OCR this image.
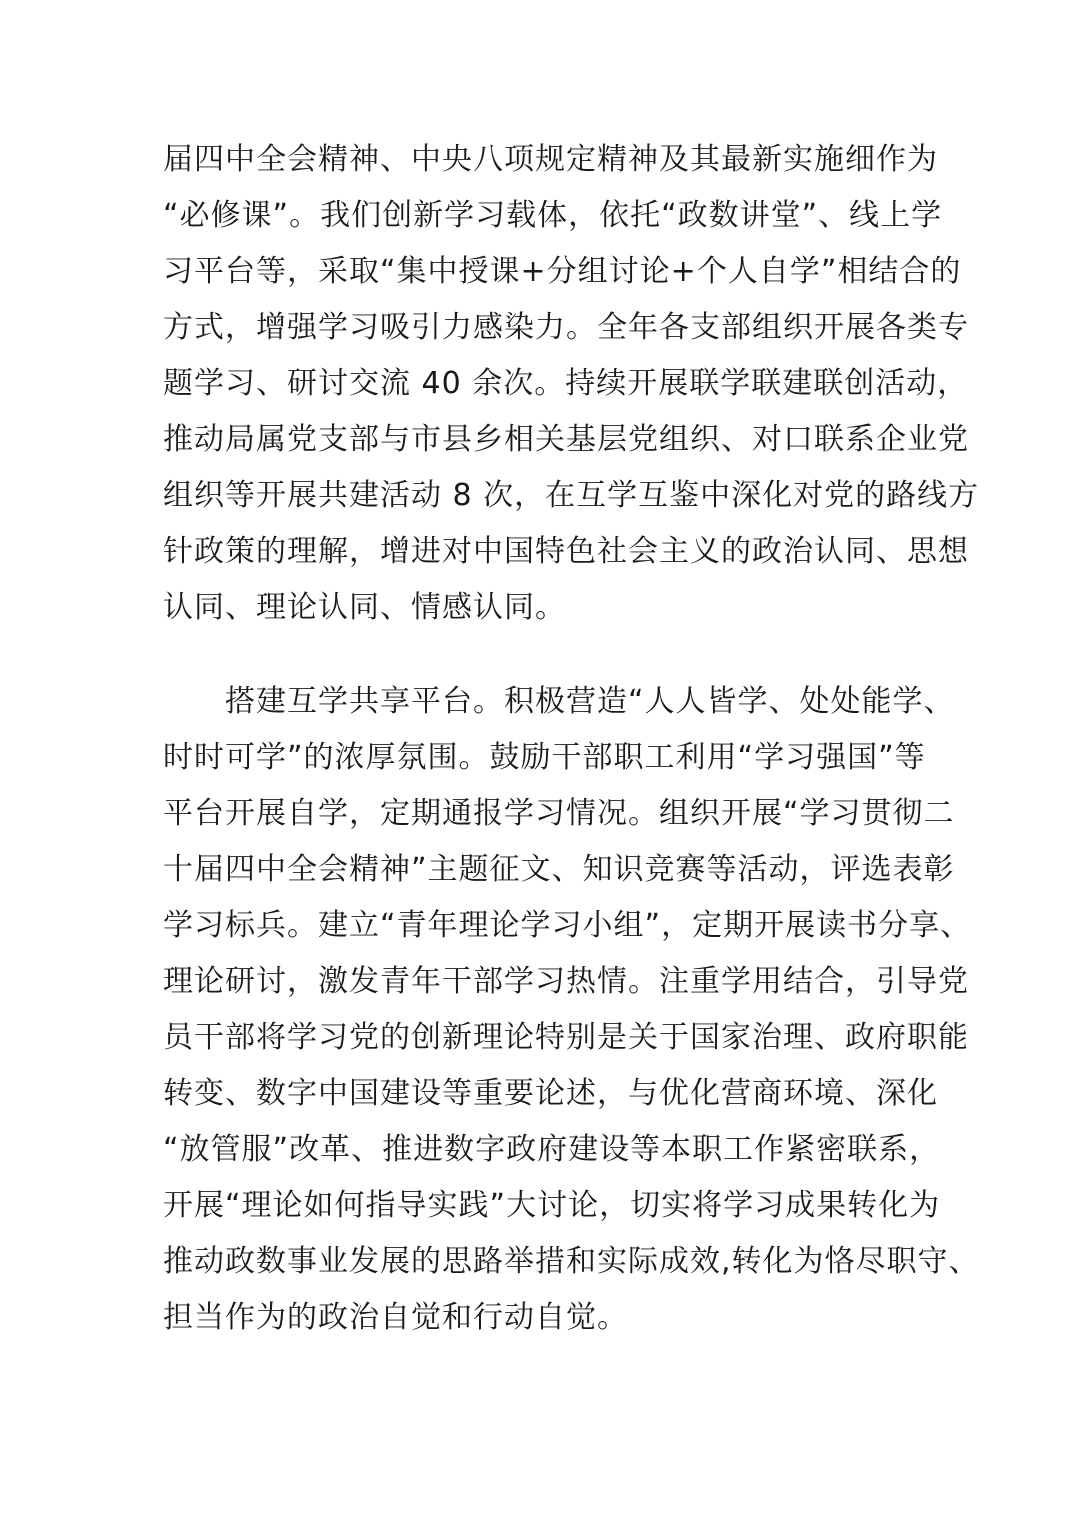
届四中全会精神、中央八项规定精神及其最新实施细作为
“必修课”。我们创新学习载体，依托“政数讲堂”、线上学
习平台等，采取“集中授课+分组讨论+个人自学”相结合的
方式，增强学习吸引力感染力。全年各支部组织开展各类专
题学习、研讨交流 40 余次。持续开展联学联建联创活动，
推动局属党支部与市县乡相关基层党组织、对口联系企业党
组织等开展共建活动 8 次，在互学互鉴中深化对党的路线方
针政策的理解，增进对中国特色社会主义的政治认同、思想
认同、理论认同、情感认同。
搭建互学共享平台。积极营造“人人皆学、处处能学、
时时可学”的浓厚氛围。鼓励干部职工利用“学习强国”等
平台开展自学，定期通报学习情况。组织开展“学习贯彻二
十届四中全会精神”主题征文、知识竞赛等活动，评选表彰
学习标兵。建立“青年理论学习小组”，定期开展读书分享、
理论研讨，激发青年干部学习热情。注重学用结合，引导党
员干部将学习党的创新理论特别是关于国家治理、政府职能
转变、数字中国建设等重要论述，与优化营商环境、深化
“放管服”改革、推进数字政府建设等本职工作紧密联系，
开展“理论如何指导实践”大讨论，切实将学习成果转化为
推动政数事业发展的思路举措和实际成效,转化为恪尽职守、
担当作为的政治自觉和行动自觉。
